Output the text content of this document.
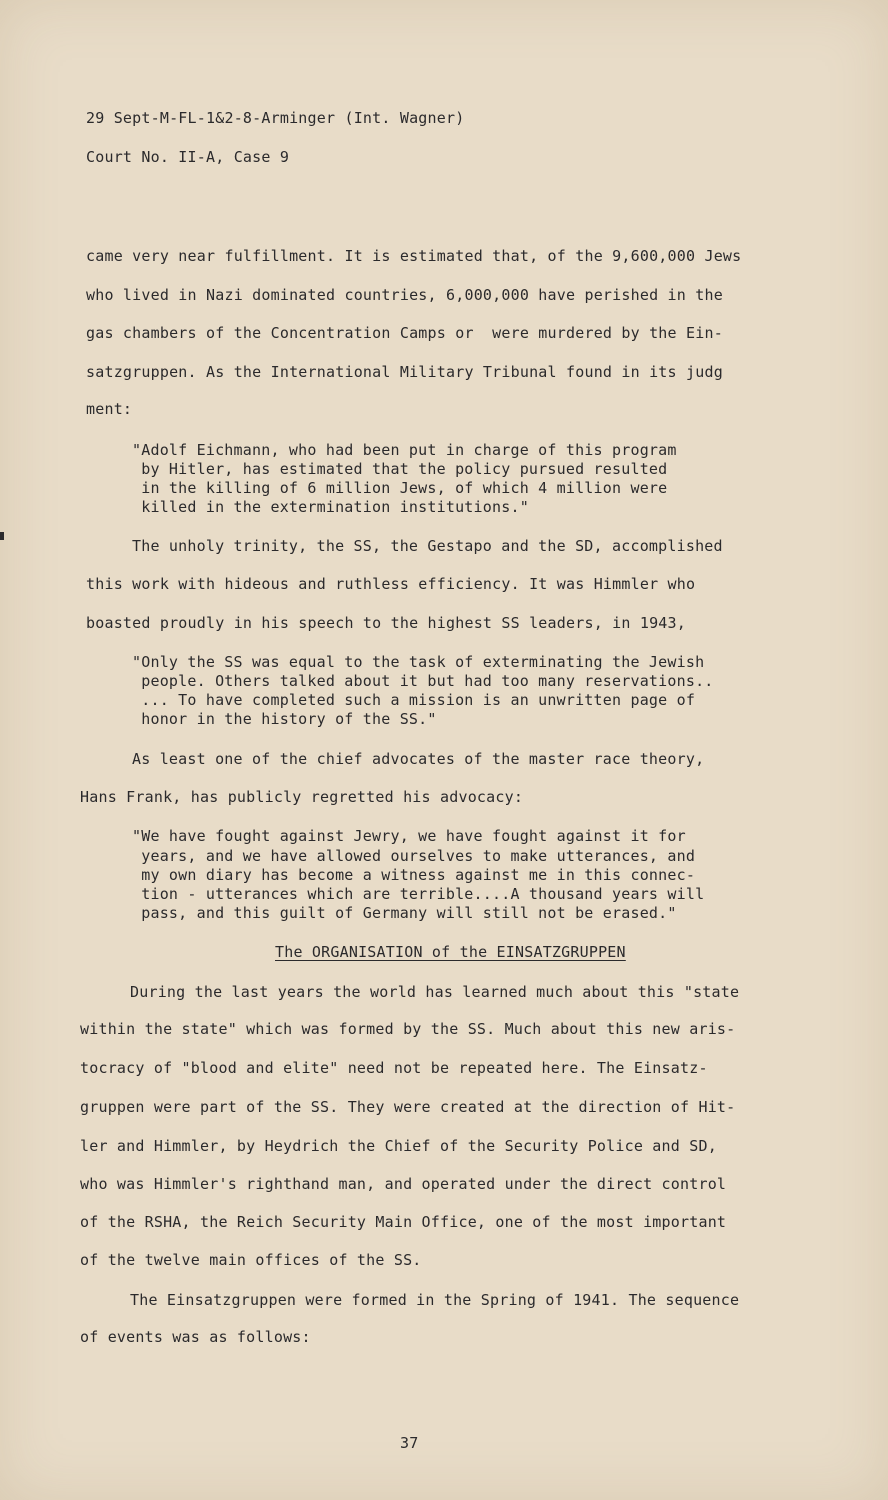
29 Sept-M-FL-1&2-8-Arminger (Int. Wagner)
Court No. II-A, Case 9
came very near fulfillment. It is estimated that, of the 9,600,000 Jews
who lived in Nazi dominated countries, 6,000,000 have perished in the
gas chambers of the Concentration Camps or  were murdered by the Ein-
satzgruppen. As the International Military Tribunal found in its judg
ment:
"Adolf Eichmann, who had been put in charge of this program
by Hitler, has estimated that the policy pursued resulted
in the killing of 6 million Jews, of which 4 million were
killed in the extermination institutions."
The unholy trinity, the SS, the Gestapo and the SD, accomplished
this work with hideous and ruthless efficiency. It was Himmler who
boasted proudly in his speech to the highest SS leaders, in 1943,
"Only the SS was equal to the task of exterminating the Jewish
people. Others talked about it but had too many reservations..
... To have completed such a mission is an unwritten page of
honor in the history of the SS."
As least one of the chief advocates of the master race theory,
Hans Frank, has publicly regretted his advocacy:
"We have fought against Jewry, we have fought against it for
years, and we have allowed ourselves to make utterances, and
my own diary has become a witness against me in this connec-
tion - utterances which are terrible....A thousand years will
pass, and this guilt of Germany will still not be erased."
The ORGANISATION of the EINSATZGRUPPEN
During the last years the world has learned much about this "state
within the state" which was formed by the SS. Much about this new aris-
tocracy of "blood and elite" need not be repeated here. The Einsatz-
gruppen were part of the SS. They were created at the direction of Hit-
ler and Himmler, by Heydrich the Chief of the Security Police and SD,
who was Himmler's righthand man, and operated under the direct control
of the RSHA, the Reich Security Main Office, one of the most important
of the twelve main offices of the SS.
The Einsatzgruppen were formed in the Spring of 1941. The sequence
of events was as follows:
37
